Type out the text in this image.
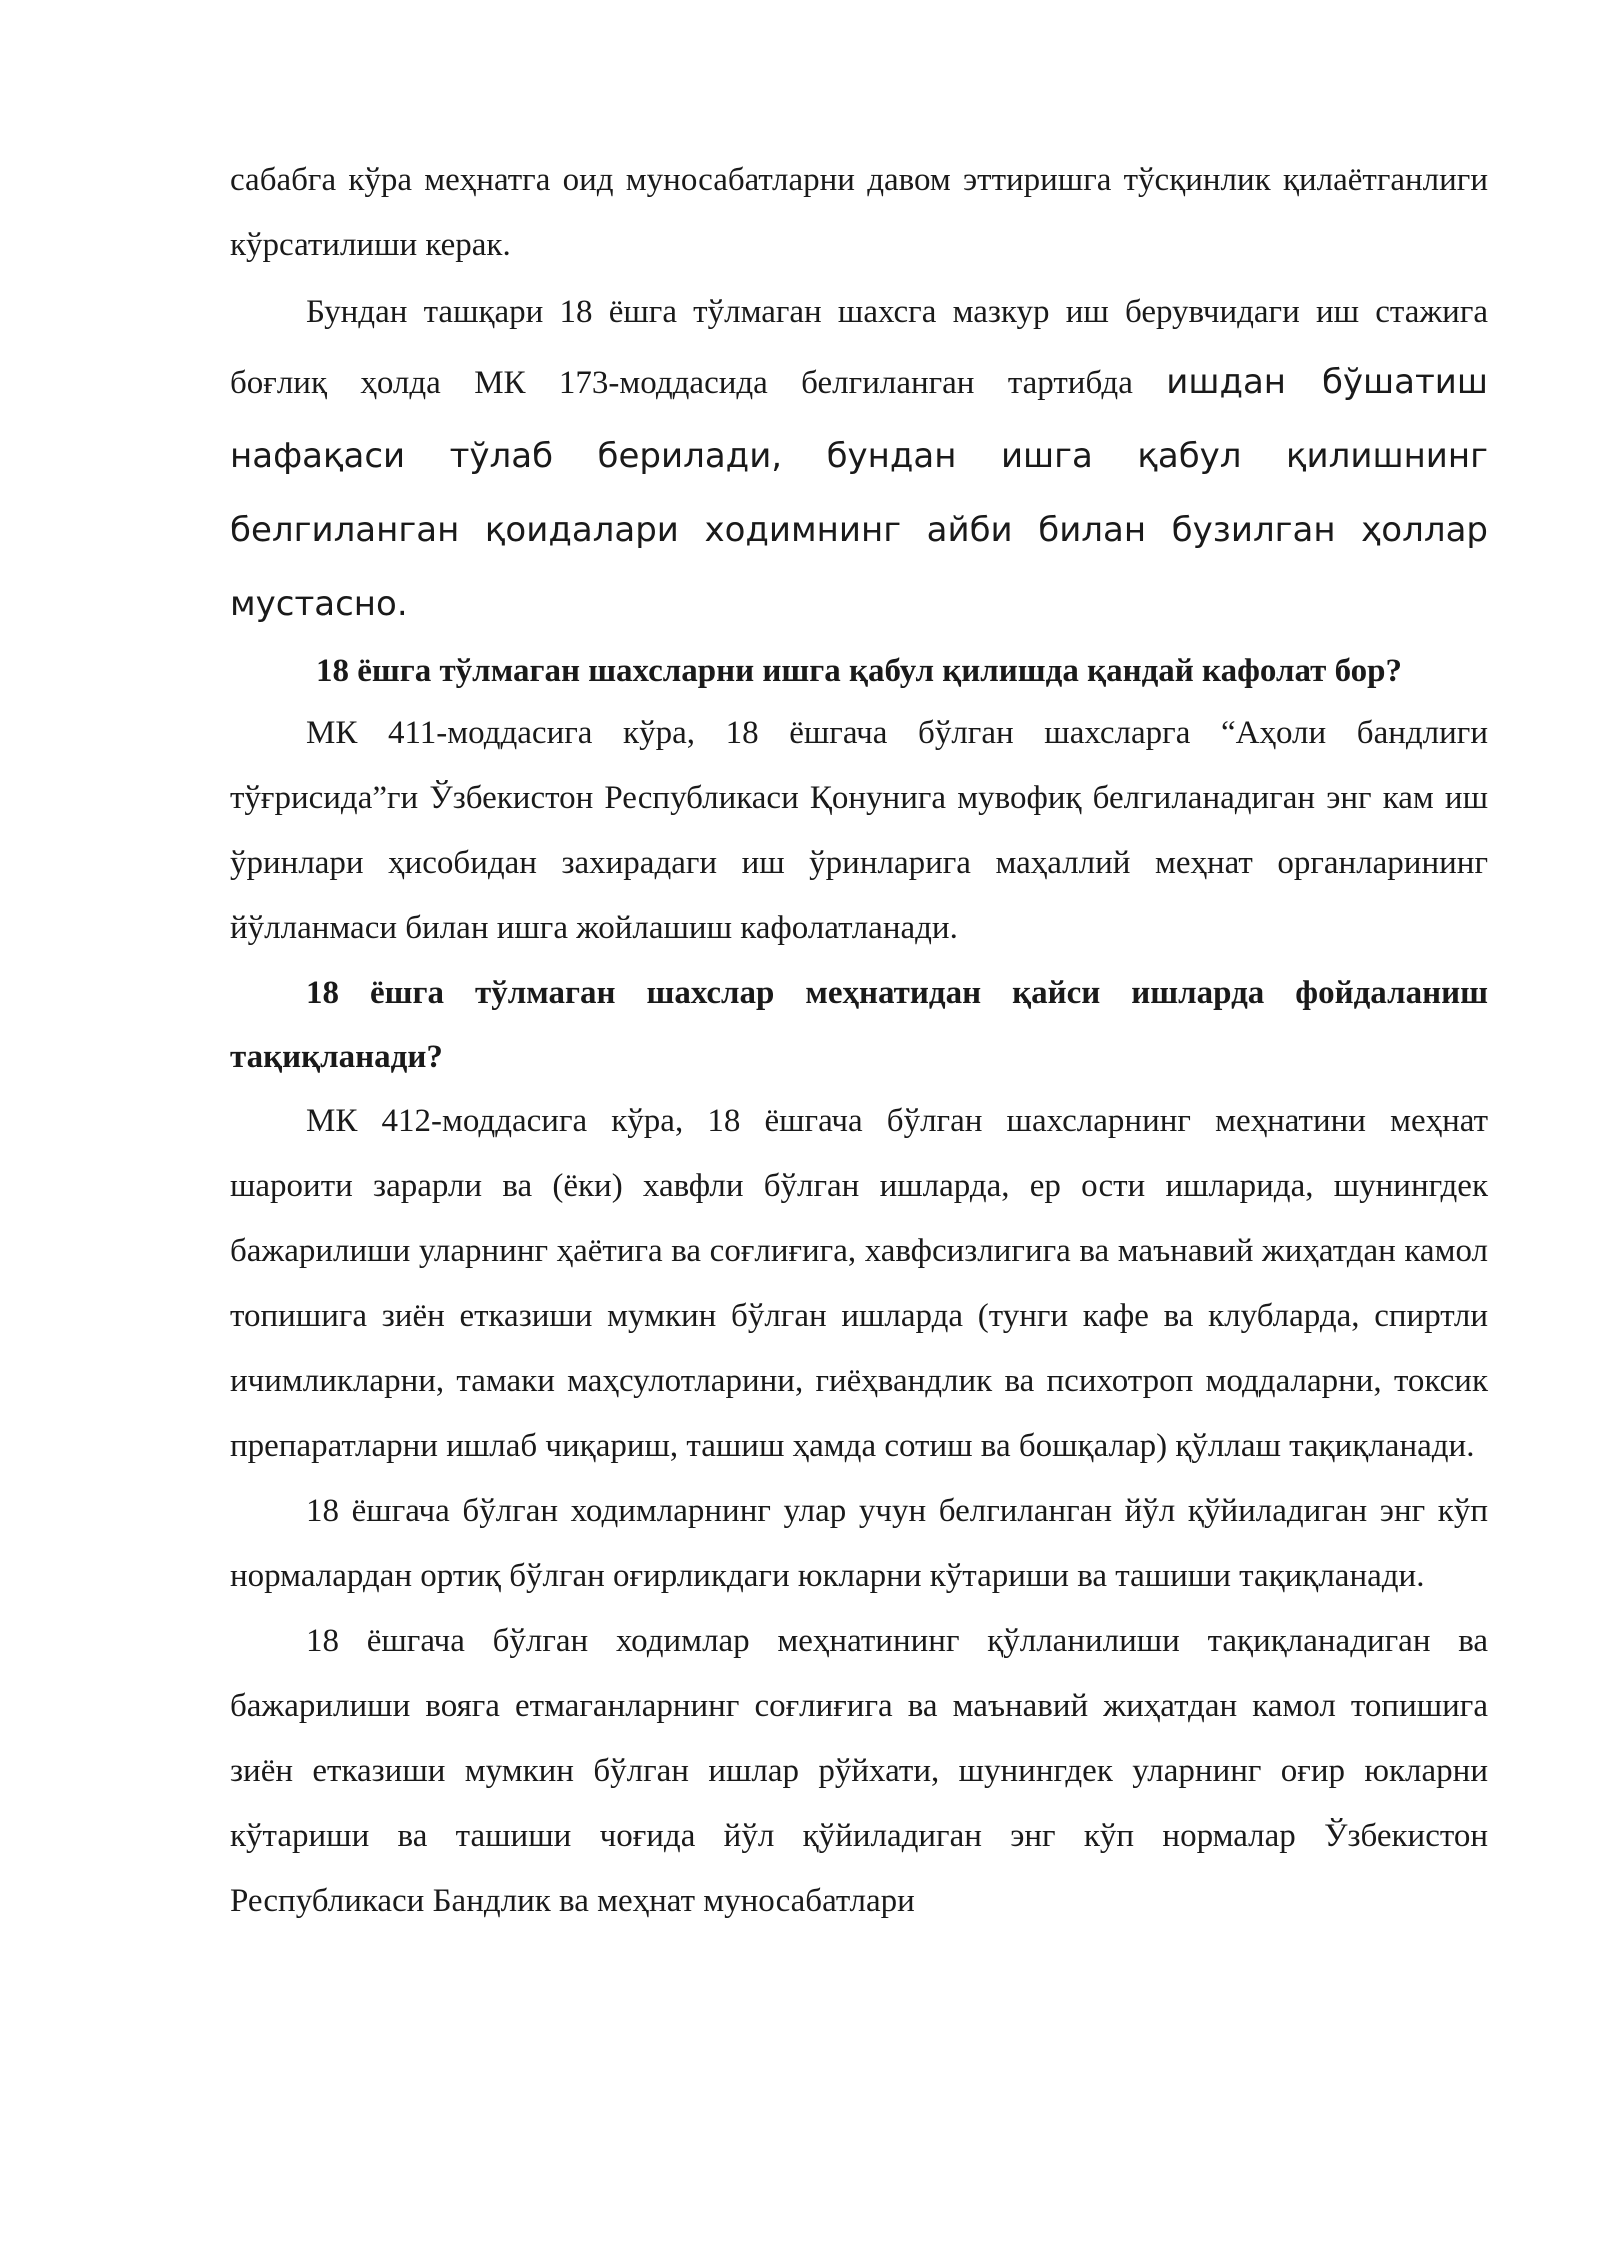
сабабга кўра меҳнатга оид муносабатларни давом эттиришга тўсқинлик қилаётганлиги кўрсатилиши керак.

Бундан ташқари 18 ёшга тўлмаган шахсга мазкур иш берувчидаги иш стажига боғлиқ ҳолда МК 173-моддасида белгиланган тартибда ишдан бўшатиш нафақаси тўлаб берилади, бундан ишга қабул қилишнинг белгиланган қоидалари ходимнинг айби билан бузилган ҳоллар мустасно.

18 ёшга тўлмаган шахсларни ишга қабул қилишда қандай кафолат бор?

МК 411-моддасига кўра, 18 ёшгача бўлган шахсларга “Аҳоли бандлиги тўғрисида”ги Ўзбекистон Республикаси Қонунига мувофиқ белгиланадиган энг кам иш ўринлари ҳисобидан захирадаги иш ўринларига маҳаллий меҳнат органларининг йўлланмаси билан ишга жойлашиш кафолатланади.

18 ёшга тўлмаган шахслар меҳнатидан қайси ишларда фойдаланиш тақиқланади?

МК 412-моддасига кўра, 18 ёшгача бўлган шахсларнинг меҳнатини меҳнат шароити зарарли ва (ёки) хавфли бўлган ишларда, ер ости ишларида, шунингдек бажарилиши уларнинг ҳаётига ва соғлиғига, хавфсизлигига ва маънавий жиҳатдан камол топишига зиён етказиши мумкин бўлган ишларда (тунги кафе ва клубларда, спиртли ичимликларни, тамаки маҳсулотларини, гиёҳвандлик ва психотроп моддаларни, токсик препаратларни ишлаб чиқариш, ташиш ҳамда сотиш ва бошқалар) қўллаш тақиқланади.

18 ёшгача бўлган ходимларнинг улар учун белгиланган йўл қўйиладиган энг кўп нормалардан ортиқ бўлган оғирликдаги юкларни кўтариши ва ташиши тақиқланади.

18 ёшгача бўлган ходимлар меҳнатининг қўлланилиши тақиқланадиган ва бажарилиши вояга етмаганларнинг соғлиғига ва маънавий жиҳатдан камол топишига зиён етказиши мумкин бўлган ишлар рўйхати, шунингдек уларнинг оғир юкларни кўтариши ва ташиши чоғида йўл қўйиладиган энг кўп нормалар Ўзбекистон Республикаси Бандлик ва меҳнат муносабатлари
